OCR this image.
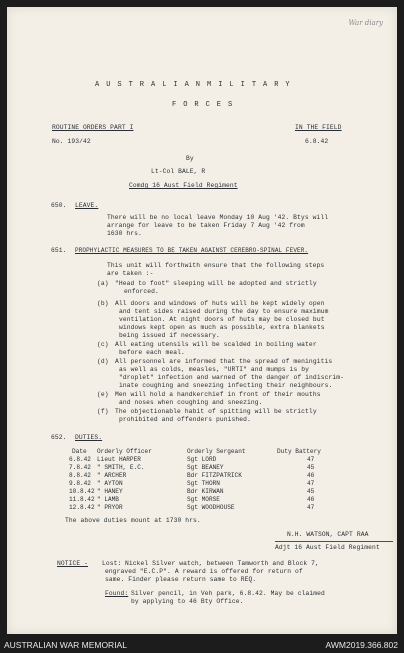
War diary
A U S T R A L I A N M I L I T A R Y
F O R C E S
ROUTINE ORDERS PART I
No. 193/42
IN THE FIELD
6.8.42
By
Lt-Col BALE, R
Comdg 16 Aust Field Regiment
650. LEAVE.
There will be no local leave Monday 10 Aug '42. Btys will
arrange for leave to be taken Friday 7 Aug '42 from
1630 hrs.
651. PROPHYLACTIC MEASURES TO BE TAKEN AGAINST CEREBRO-SPINAL FEVER.
This unit will forthwith ensure that the following steps
are taken :-
(a) "Head to foot" sleeping will be adopted and strictly
enforced.
(b) All doors and windows of huts will be kept widely open
and tent sides raised during the day to ensure maximum
ventilation. At night doors of huts may be closed but
windows kept open as much as possible, extra blankets
being issued if necessary.
(c) All eating utensils will be scalded in boiling water
before each meal.
(d) All personnel are informed that the spread of meningitis
as well as colds, measles, "URTI" and mumps is by
"droplet" infection and warned of the danger of indiscrim-
inate coughing and sneezing infecting their neighbours.
(e) Men will hold a handkerchief in front of their mouths
and noses when coughing and sneezing.
(f) The objectionable habit of spitting will be strictly
prohibited and offenders punished.
652. DUTIES.
Date Orderly Officer	Orderly Sergeant	Duty Battery
6.8.42 Lieut HARPER	Sgt LORD	47
7.8.42 " SMITH, E.C.	Sgt BEANEY	45
8.8.42 " ARCHER	Bdr FITZPATRICK	46
9.8.42 " AYTON	Sgt THORN	47
10.8.42 " HANEY	Bdr KIRWAN	45
11.8.42 " LAMB	Sgt MORSE	46
12.8.42 " PRYOR	Sgt WOODHOUSE	47
The above duties mount at 1730 hrs.
N.H. WATSON, CAPT RAA
Adjt 16 Aust Field Regiment
NOTICE - Lost: Nickel Silver watch, between Tamworth and Block 7,
engraved "E.C.P". A reward is offered for return of
same. Finder please return same to REQ.
Found: Silver pencil, in Veh park, 6.8.42. May be claimed
by applying to 46 Bty Office.
AUSTRALIAN WAR MEMORIAL	AWM2019.366.802
